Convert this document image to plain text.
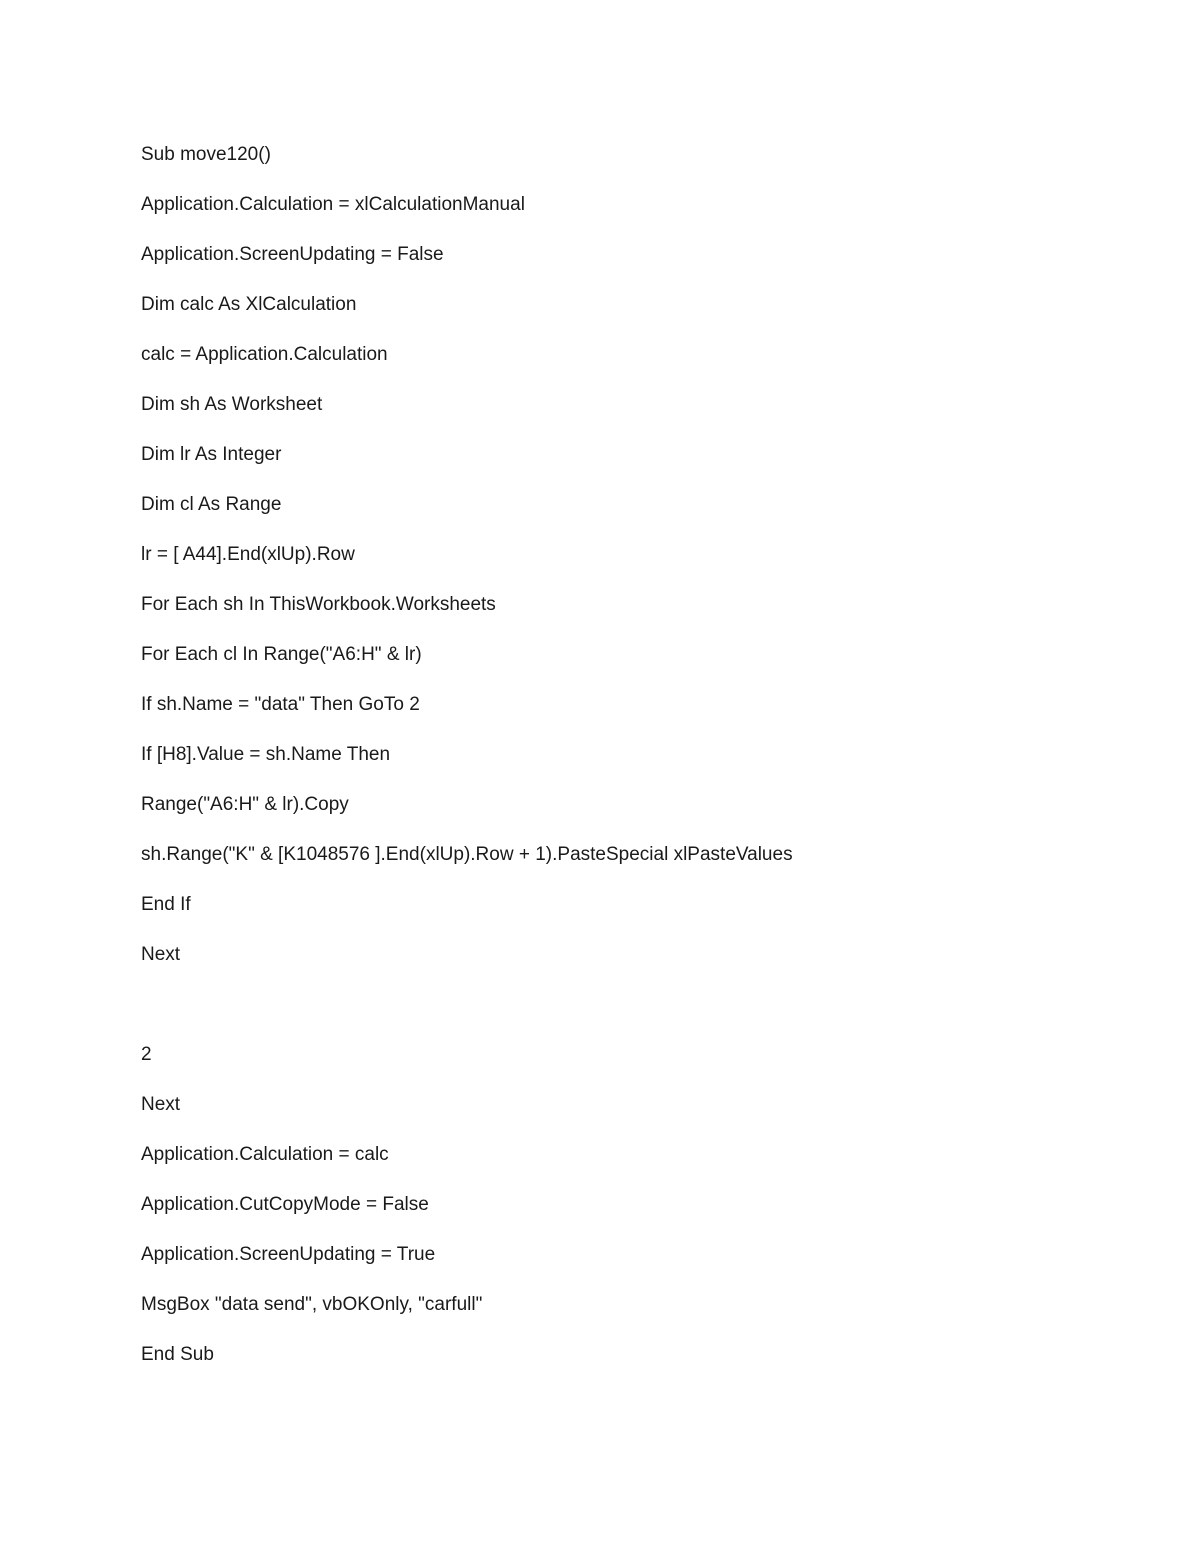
Sub move120()
Application.Calculation = xlCalculationManual
Application.ScreenUpdating = False
Dim calc As XlCalculation
calc = Application.Calculation
Dim sh As Worksheet
Dim lr As Integer
Dim cl As Range
lr = [ A44].End(xlUp).Row
For Each sh In ThisWorkbook.Worksheets
For Each cl In Range("A6:H" & lr)
If sh.Name = "data" Then GoTo 2
If [H8].Value = sh.Name Then
Range("A6:H" & lr).Copy
sh.Range("K" & [K1048576 ].End(xlUp).Row + 1).PasteSpecial xlPasteValues
End If
Next
2
Next
Application.Calculation = calc
Application.CutCopyMode = False
Application.ScreenUpdating = True
MsgBox "data send", vbOKOnly, "carfull"
End Sub
